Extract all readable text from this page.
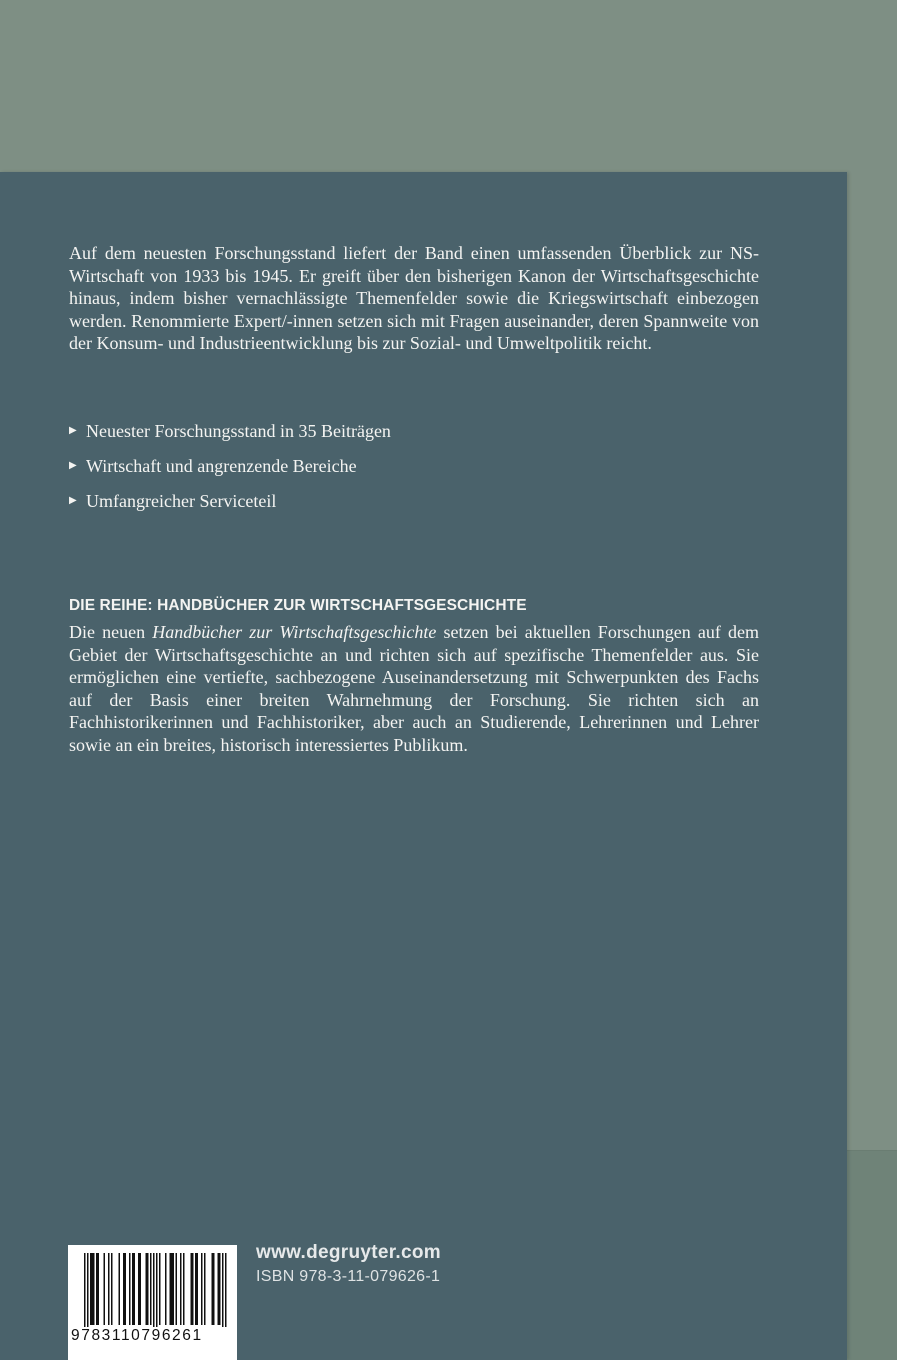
Auf dem neuesten Forschungsstand liefert der Band einen umfassenden Überblick zur NS-Wirtschaft von 1933 bis 1945. Er greift über den bisherigen Kanon der Wirtschaftsgeschichte hinaus, indem bisher vernachlässigte Themenfelder sowie die Kriegswirtschaft einbezogen werden. Renommierte Expert/-innen setzen sich mit Fragen auseinander, deren Spannweite von der Konsum- und Industrieentwicklung bis zur Sozial- und Umweltpolitik reicht.

▶ Neuester Forschungsstand in 35 Beiträgen
▶ Wirtschaft und angrenzende Bereiche
▶ Umfangreicher Serviceteil
DIE REIHE: HANDBÜCHER ZUR WIRTSCHAFTSGESCHICHTE

Die neuen Handbücher zur Wirtschaftsgeschichte setzen bei aktuellen Forschungen auf dem Gebiet der Wirtschaftsgeschichte an und richten sich auf spezifische Themenfelder aus. Sie ermöglichen eine vertiefte, sachbezogene Auseinandersetzung mit Schwerpunkten des Fachs auf der Basis einer breiten Wahrnehmung der Forschung. Sie richten sich an Fachhistorikerinnen und Fachhistoriker, aber auch an Studierende, Lehrerinnen und Lehrer sowie an ein breites, historisch interessiertes Publikum.

9783110796261
www.degruyter.com
ISBN 978-3-11-079626-1
